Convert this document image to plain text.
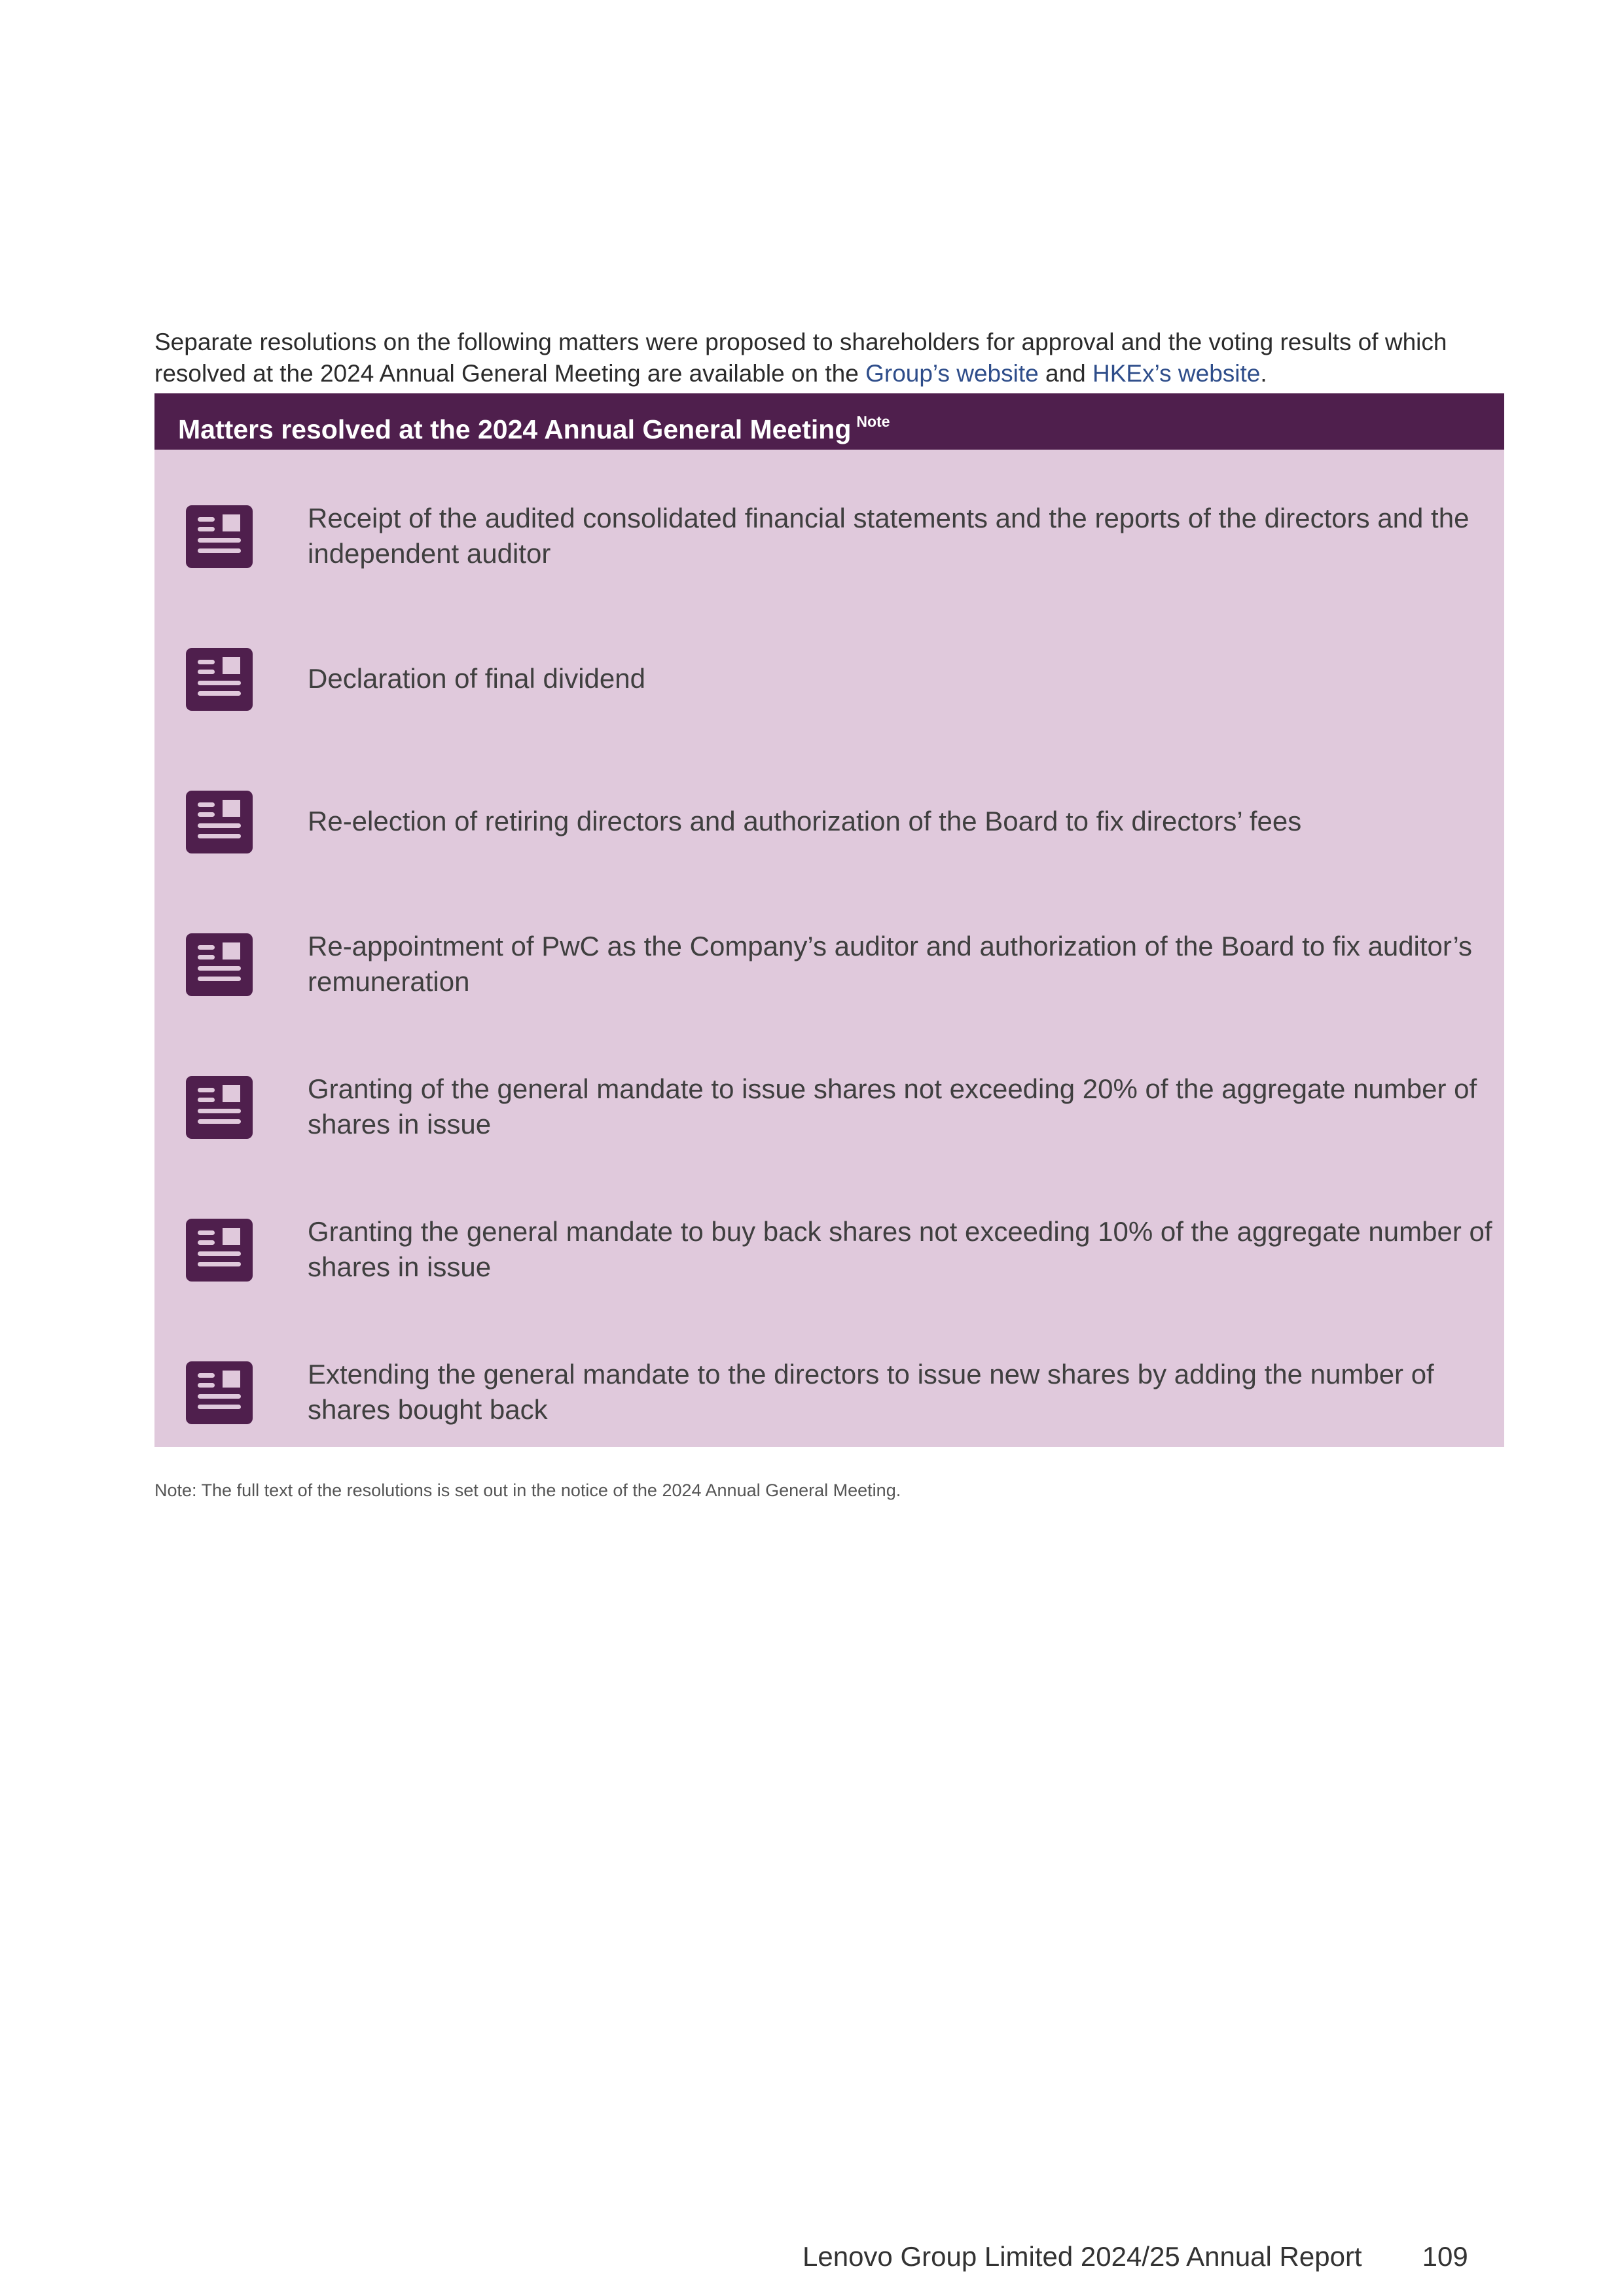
Separate resolutions on the following matters were proposed to shareholders for approval and the voting results of which resolved at the 2024 Annual General Meeting are available on the Group’s website and HKEx’s website.

Matters resolved at the 2024 Annual General Meeting $^{Note}$
Receipt of the audited consolidated financial statements and the reports of the directors and the independent auditor
Declaration of final dividend
Re-election of retiring directors and authorization of the Board to fix directors’ fees
Re-appointment of PwC as the Company’s auditor and authorization of the Board to fix auditor’s remuneration
Granting of the general mandate to issue shares not exceeding 20% of the aggregate number of shares in issue
Granting the general mandate to buy back shares not exceeding 10% of the aggregate number of shares in issue
Extending the general mandate to the directors to issue new shares by adding the number of shares bought back
Note: The full text of the resolutions is set out in the notice of the 2024 Annual General Meeting.
Lenovo Group Limited 2024/25 Annual Report 109
